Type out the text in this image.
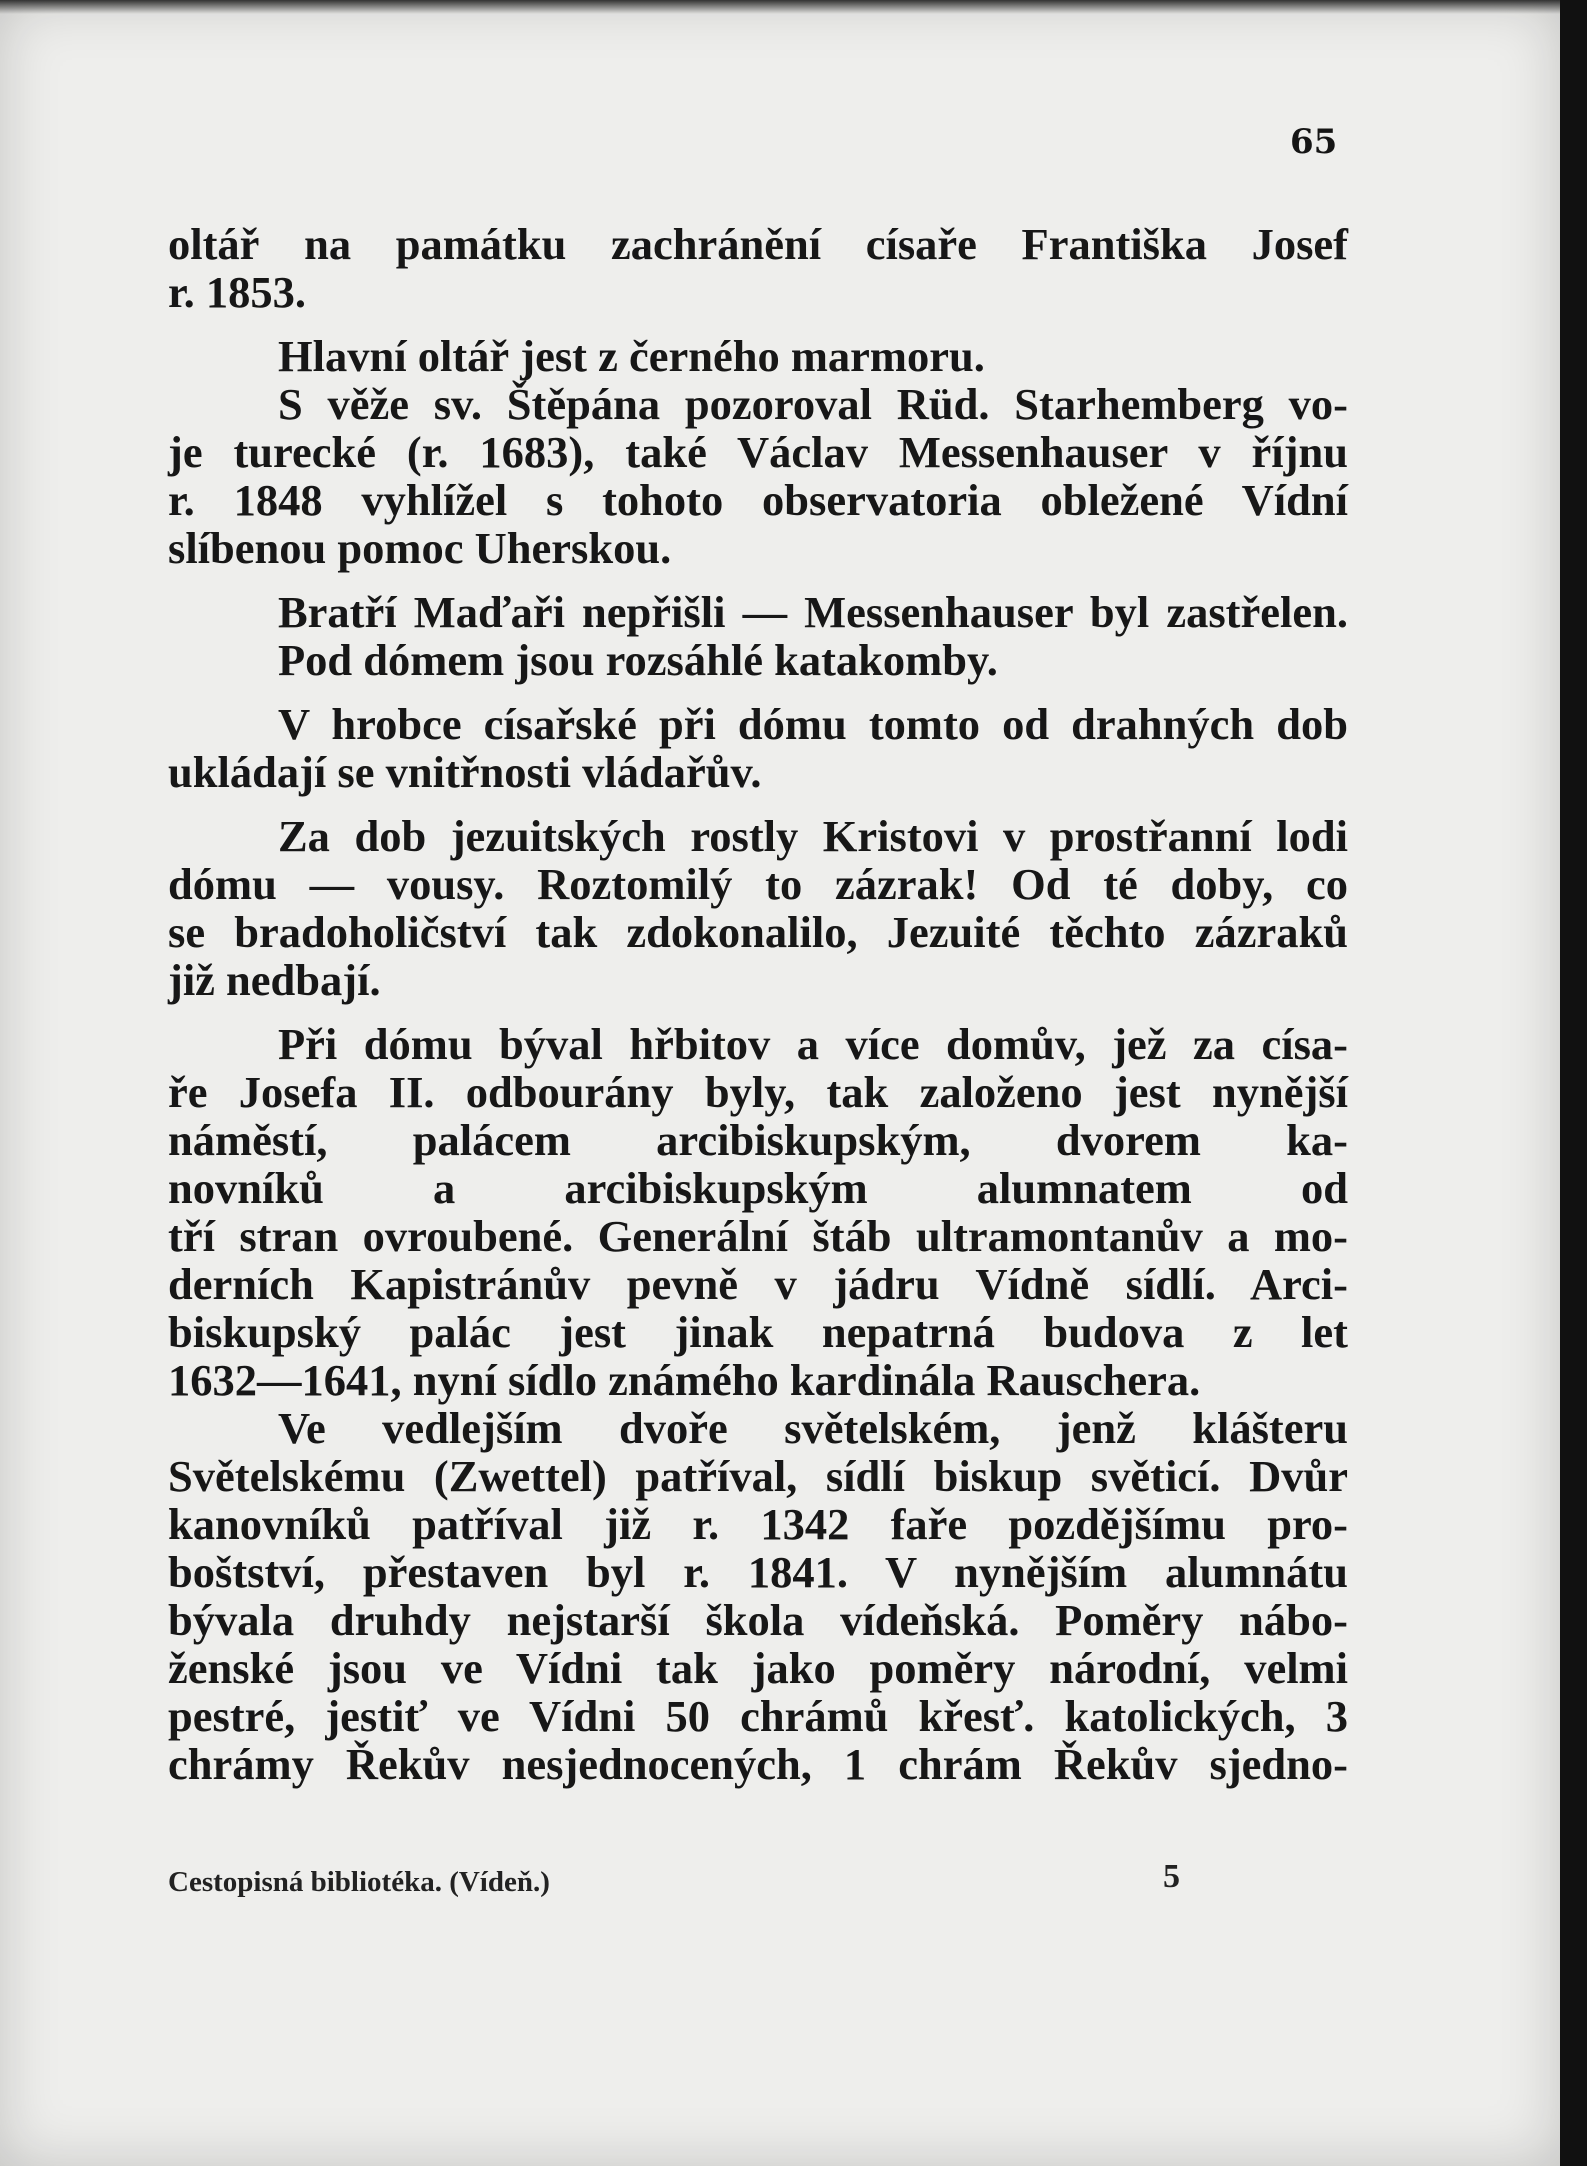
65
oltář na památku zachránění císaře Františka Josef
r. 1853.
Hlavní oltář jest z černého marmoru.
S věže sv. Štěpána pozoroval Rüd. Starhemberg vo-
je turecké (r. 1683), také Václav Messenhauser v říjnu
r. 1848 vyhlížel s tohoto observatoria obležené Vídní
slíbenou pomoc Uherskou.
Bratří Maďaři nepřišli — Messenhauser byl zastřelen.
Pod dómem jsou rozsáhlé katakomby.
V hrobce císařské při dómu tomto od drahných dob
ukládají se vnitřnosti vládařův.
Za dob jezuitských rostly Kristovi v prostřanní lodi
dómu — vousy. Roztomilý to zázrak! Od té doby, co
se bradoholičství tak zdokonalilo, Jezuité těchto zázraků
již nedbají.
Při dómu býval hřbitov a více domův, jež za císa-
ře Josefa II. odbourány byly, tak založeno jest nynější
náměstí, palácem arcibiskupským, dvorem ka-
novníků a arcibiskupským alumnatem od
tří stran ovroubené. Generální štáb ultramontanův a mo-
derních Kapistránův pevně v jádru Vídně sídlí. Arci-
biskupský palác jest jinak nepatrná budova z let
1632—1641, nyní sídlo známého kardinála Rauschera.
Ve vedlejším dvoře světelském, jenž klášteru
Světelskému (Zwettel) patříval, sídlí biskup světicí. Dvůr
kanovníků patříval již r. 1342 faře pozdějšímu pro-
boštství, přestaven byl r. 1841. V nynějším alumnátu
bývala druhdy nejstarší škola vídeňská. Poměry nábo-
ženské jsou ve Vídni tak jako poměry národní, velmi
pestré, jestiť ve Vídni 50 chrámů křesť. katolických, 3
chrámy Řekův nesjednocených, 1 chrám Řekův sjedno-
Cestopisná bibliotéka. (Vídeň.)	5
